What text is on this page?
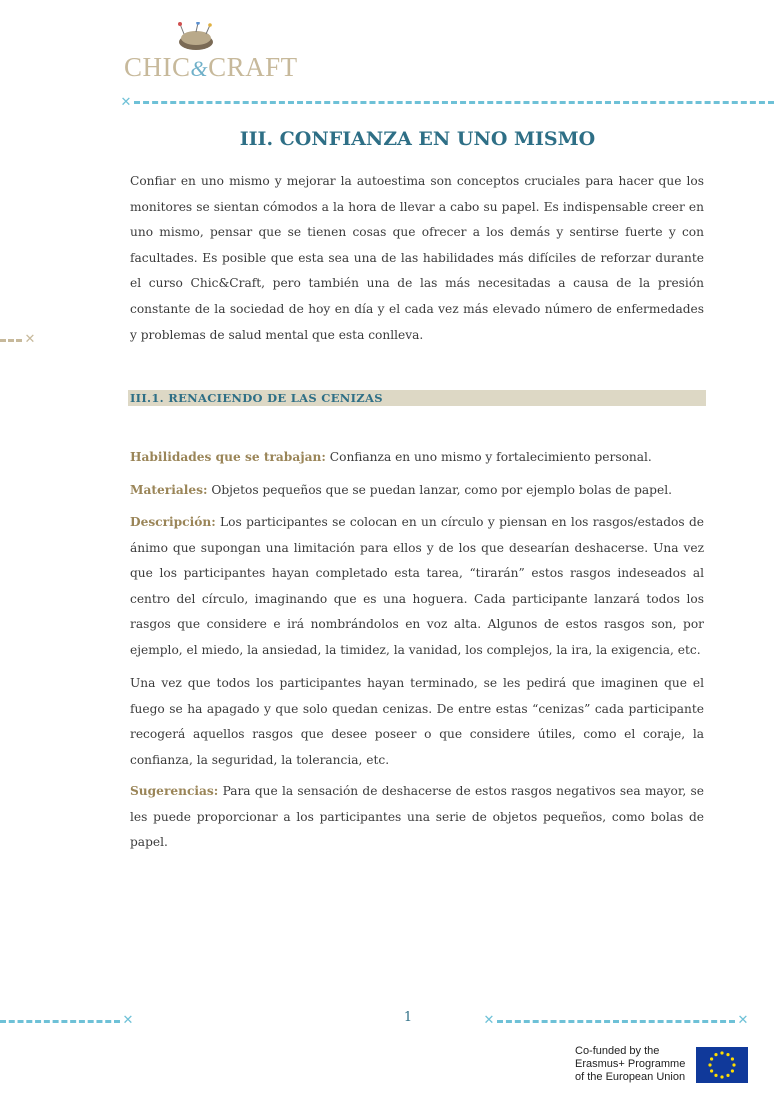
CHIC&CRAFT
✕
✕
III. CONFIANZA EN UNO MISMO

Confiar en uno mismo y mejorar la autoestima son conceptos cruciales para hacer que los monitores se sientan cómodos a la hora de llevar a cabo su papel. Es indispensable creer en uno mismo, pensar que se tienen cosas que ofrecer a los demás y sentirse fuerte y con facultades. Es posible que esta sea una de las habilidades más difíciles de reforzar durante el curso Chic&Craft, pero también una de las más necesitadas a causa de la presión constante de la sociedad de hoy en día y el cada vez más elevado número de enfermedades y problemas de salud mental que esta conlleva.

III.1. RENACIENDO DE LAS CENIZAS

Habilidades que se trabajan: Confianza en uno mismo y fortalecimiento personal.

Materiales: Objetos pequeños que se puedan lanzar, como por ejemplo bolas de papel.

Descripción: Los participantes se colocan en un círculo y piensan en los rasgos/estados de ánimo que supongan una limitación para ellos y de los que desearían deshacerse. Una vez que los participantes hayan completado esta tarea, “tirarán” estos rasgos indeseados al centro del círculo, imaginando que es una hoguera. Cada participante lanzará todos los rasgos que considere e irá nombrándolos en voz alta. Algunos de estos rasgos son, por ejemplo, el miedo, la ansiedad, la timidez, la vanidad, los complejos, la ira, la exigencia, etc.

Una vez que todos los participantes hayan terminado, se les pedirá que imaginen que el fuego se ha apagado y que solo quedan cenizas. De entre estas “cenizas” cada participante recogerá aquellos rasgos que desee poseer o que considere útiles, como el coraje, la confianza, la seguridad, la tolerancia, etc.

Sugerencias: Para que la sensación de deshacerse de estos rasgos negativos sea mayor, se les puede proporcionar a los participantes una serie de objetos pequeños, como bolas de papel.

✕	1	✕	✕
Co-funded by the
Erasmus+ Programme
of the European Union
